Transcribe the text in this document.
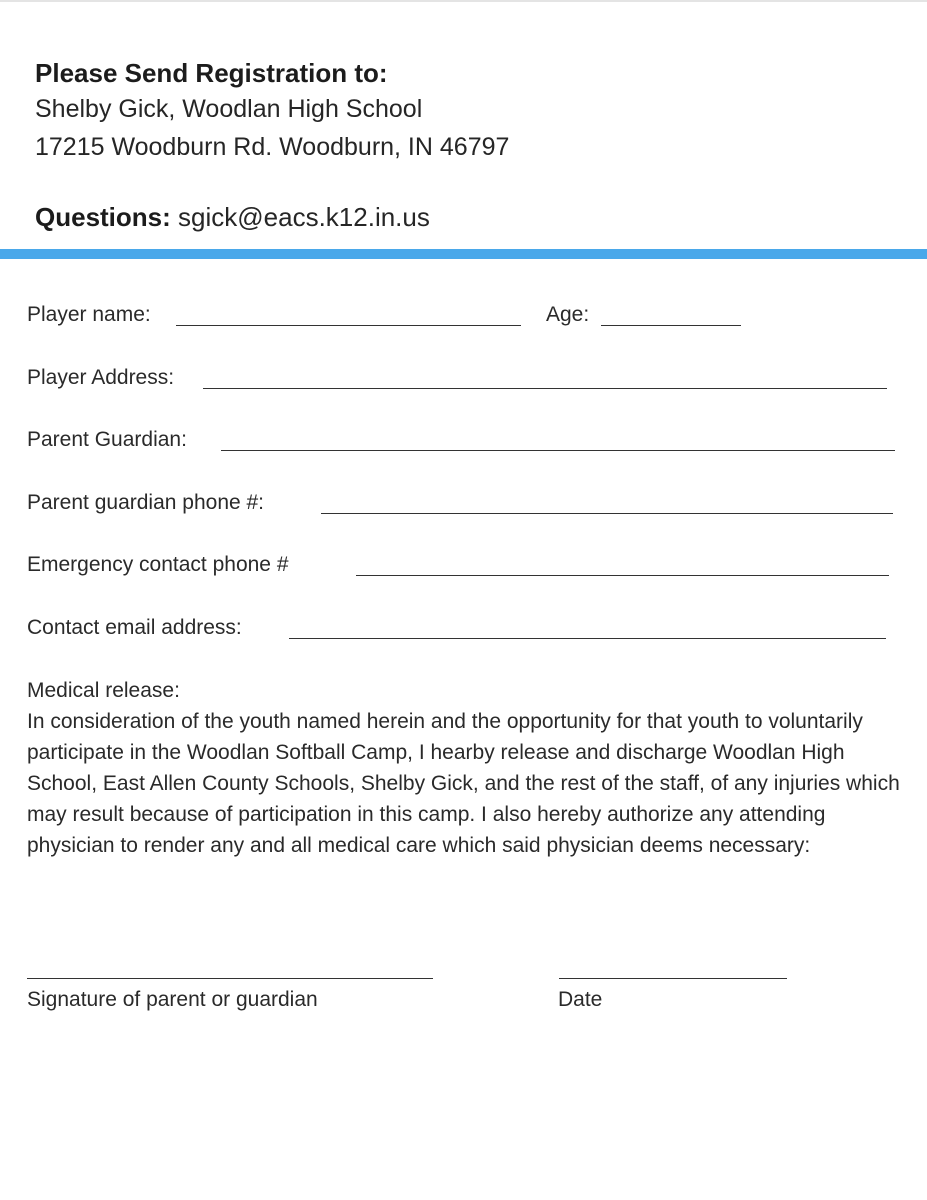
Please Send Registration to:

Shelby Gick, Woodlan High School

17215 Woodburn Rd. Woodburn, IN 46797

Questions: sgick@eacs.k12.in.us

Player name:	Age:
Player Address:
Parent Guardian:
Parent guardian phone #:
Emergency contact phone #
Contact email address:

Medical release:

In consideration of the youth named herein and the opportunity for that youth to voluntarily participate in the Woodlan Softball Camp, I hearby release and discharge Woodlan High School, East Allen County Schools, Shelby Gick, and the rest of the staff, of any injuries which may result because of participation in this camp. I also hereby authorize any attending physician to render any and all medical care which said physician deems necessary:

Signature of parent or guardian	Date
